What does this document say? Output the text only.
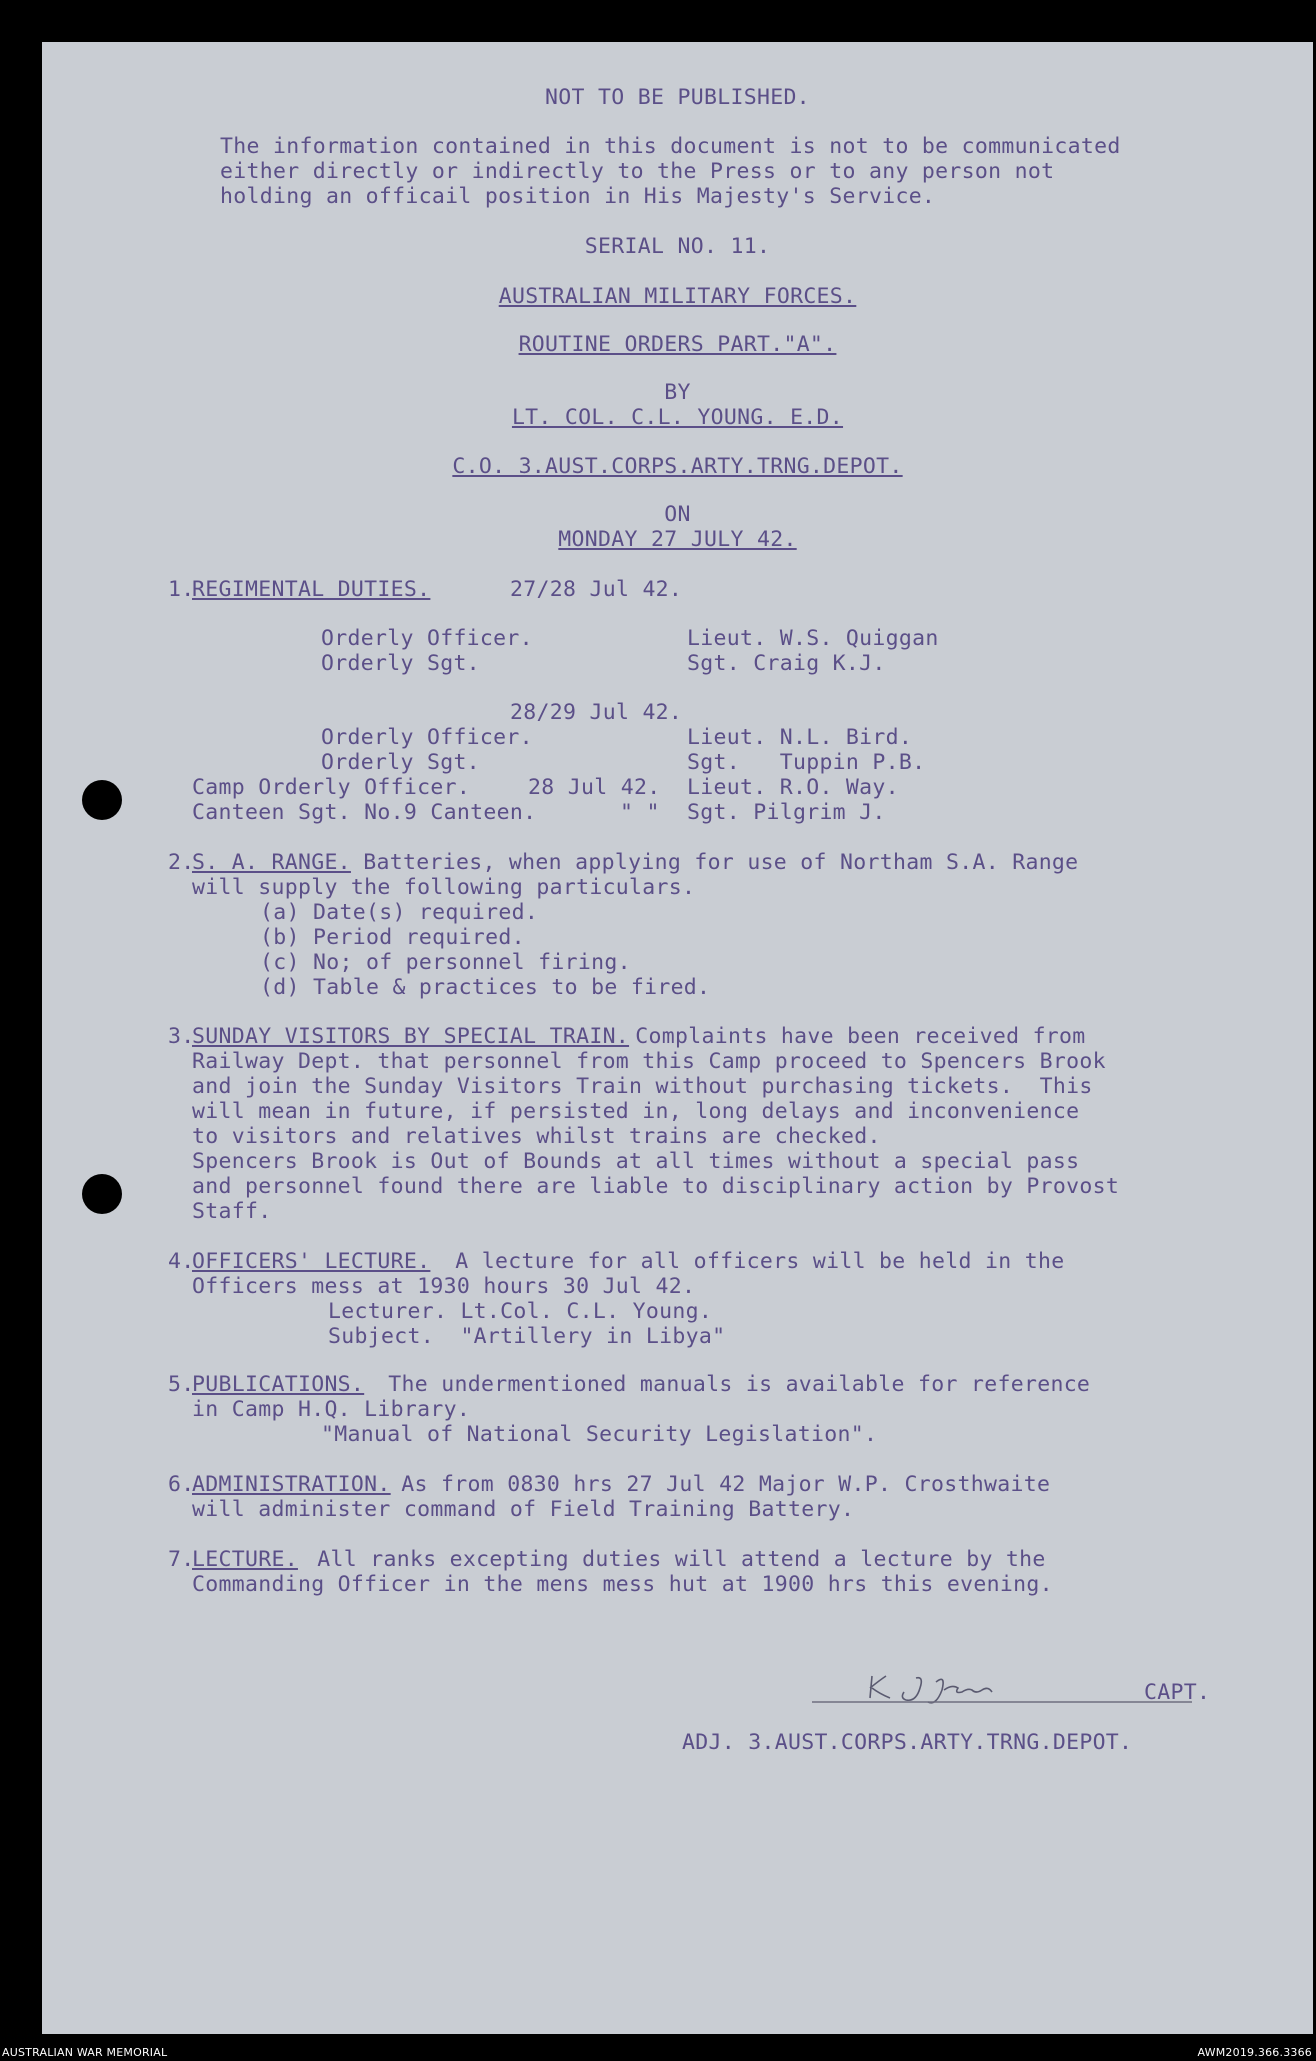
NOT TO BE PUBLISHED.
The information contained in this document is not to be communicated
either directly or indirectly to the Press or to any person not
holding an officail position in His Majesty's Service.
SERIAL NO. 11.
AUSTRALIAN MILITARY FORCES.
ROUTINE ORDERS PART."A".
BY
LT. COL. C.L. YOUNG. E.D.
C.O. 3.AUST.CORPS.ARTY.TRNG.DEPOT.
ON
MONDAY 27 JULY 42.
1.
REGIMENTAL DUTIES.	27/28 Jul 42.
Orderly Officer.	Lieut. W.S. Quiggan
Orderly Sgt.	Sgt. Craig K.J.
28/29 Jul 42.
Orderly Officer.	Lieut. N.L. Bird.
Orderly Sgt.	Sgt.   Tuppin P.B.
Camp Orderly Officer.	28 Jul 42. Lieut. R.O. Way.
Canteen Sgt. No.9 Canteen.	" " Sgt. Pilgrim J.
2.
S. A. RANGE. Batteries, when applying for use of Northam S.A. Range
will supply the following particulars.
(a) Date(s) required.
(b) Period required.
(c) No; of personnel firing.
(d) Table & practices to be fired.
3.
SUNDAY VISITORS BY SPECIAL TRAIN.
Complaints have been received from
Railway Dept. that personnel from this Camp proceed to Spencers Brook
and join the Sunday Visitors Train without purchasing tickets.  This
will mean in future, if persisted in, long delays and inconvenience
to visitors and relatives whilst trains are checked.
Spencers Brook is Out of Bounds at all times without a special pass
and personnel found there are liable to disciplinary action by Provost
Staff.
4.
OFFICERS' LECTURE. A lecture for all officers will be held in the
Officers mess at 1930 hours 30 Jul 42.
Lecturer. Lt.Col. C.L. Young.
Subject.  "Artillery in Libya"
5.
PUBLICATIONS. The undermentioned manuals is available for reference
in Camp H.Q. Library.
"Manual of National Security Legislation".
6.
ADMINISTRATION.
As from 0830 hrs 27 Jul 42 Major W.P. Crosthwaite
will administer command of Field Training Battery.
7.
LECTURE. All ranks excepting duties will attend a lecture by the
Commanding Officer in the mens mess hut at 1900 hrs this evening.
CAPT.
ADJ. 3.AUST.CORPS.ARTY.TRNG.DEPOT.
AUSTRALIAN WAR MEMORIAL	AWM2019.366.3366
